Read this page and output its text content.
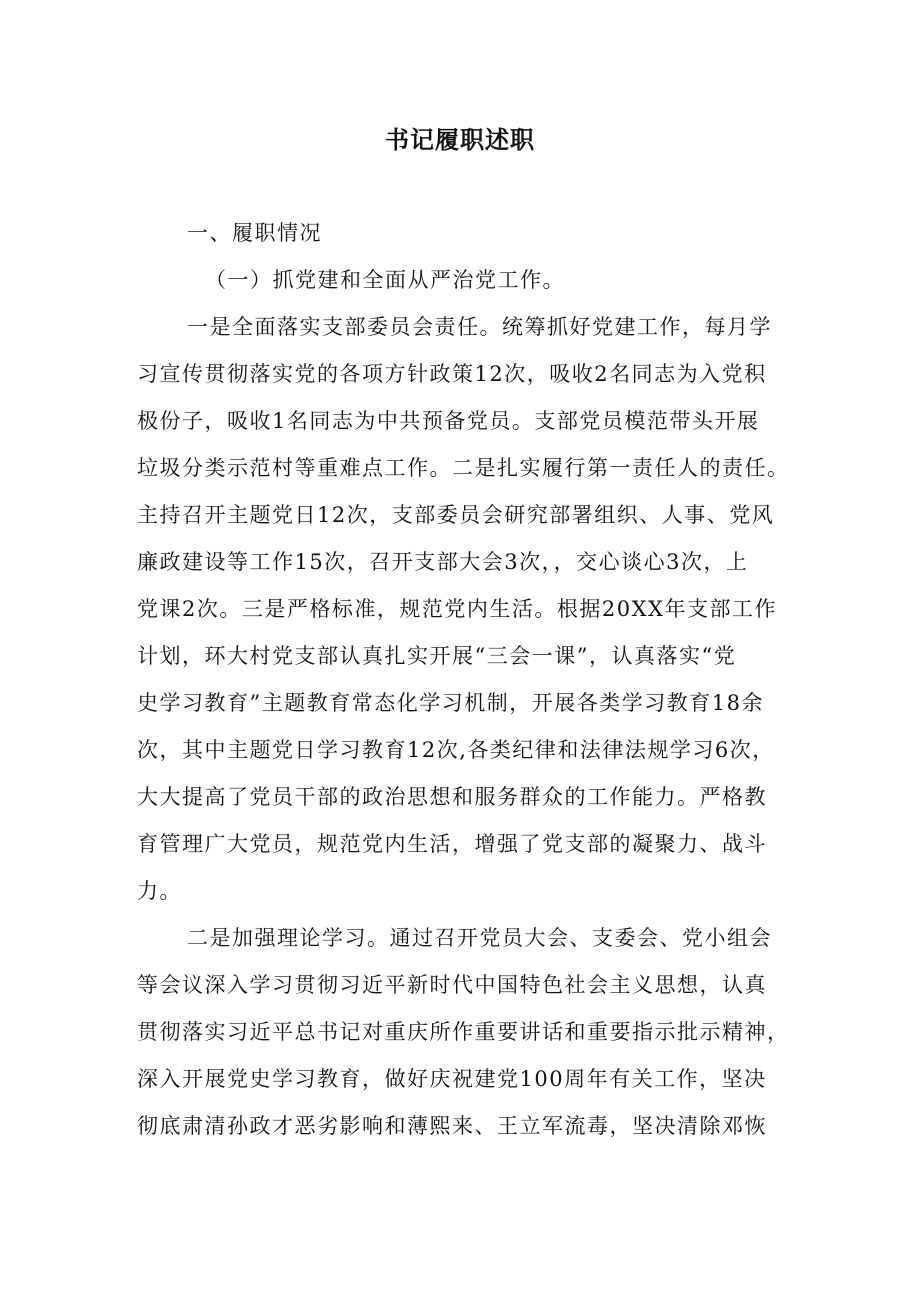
书记履职述职
一、履职情况
（一）抓党建和全面从严治党工作。
一是全面落实支部委员会责任。统筹抓好党建工作，每月学
习宣传贯彻落实党的各项方针政策12次，吸收2名同志为入党积
极份子，吸收1名同志为中共预备党员。支部党员模范带头开展
垃圾分类示范村等重难点工作。二是扎实履行第一责任人的责任。
主持召开主题党日12次，支部委员会研究部署组织、人事、党风
廉政建设等工作15次，召开支部大会3次，，交心谈心3次，上
党课2次。三是严格标准，规范党内生活。根据20XX年支部工作
计划，环大村党支部认真扎实开展“三会一课”，认真落实“党
史学习教育”主题教育常态化学习机制，开展各类学习教育18余
次，其中主题党日学习教育12次,各类纪律和法律法规学习6次，
大大提高了党员干部的政治思想和服务群众的工作能力。严格教
育管理广大党员，规范党内生活，增强了党支部的凝聚力、战斗
力。
二是加强理论学习。通过召开党员大会、支委会、党小组会
等会议深入学习贯彻习近平新时代中国特色社会主义思想，认真
贯彻落实习近平总书记对重庆所作重要讲话和重要指示批示精神，
深入开展党史学习教育，做好庆祝建党100周年有关工作，坚决
彻底肃清孙政才恶劣影响和薄熙来、王立军流毒，坚决清除邓恢
